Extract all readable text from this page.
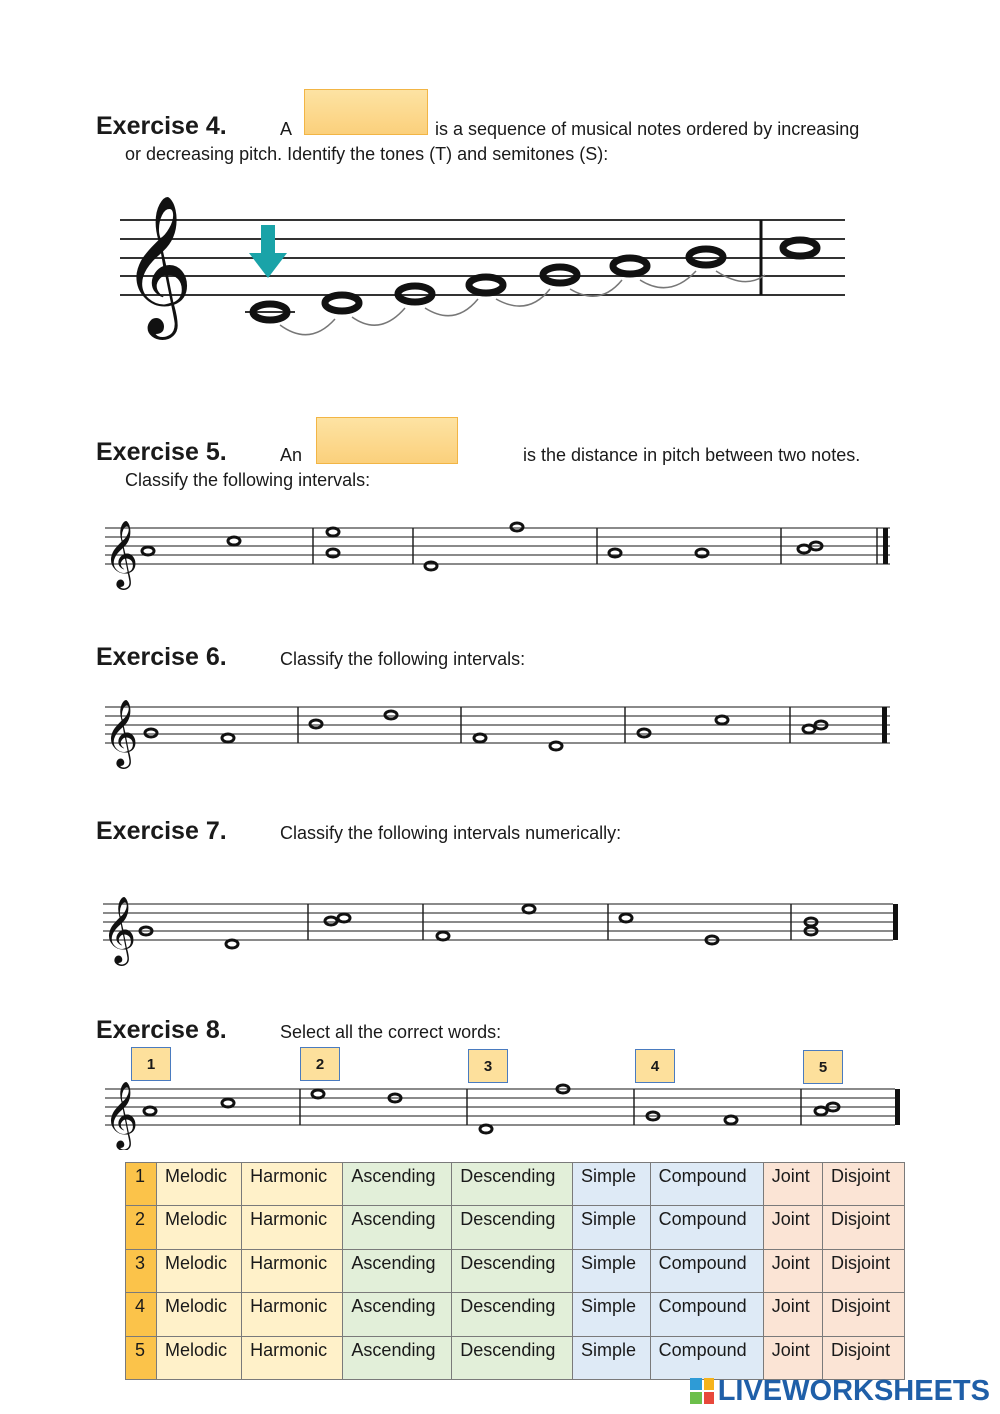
Exercise 4.	A	is a sequence of musical notes ordered by increasing
or decreasing pitch. Identify the tones (T) and semitones (S):
𝄞
Exercise 5.	An	is the distance in pitch between two notes.
Classify the following intervals:
𝄞
Exercise 6.	Classify the following intervals:
𝄞
Exercise 7.	Classify the following intervals numerically:
𝄞
Exercise 8.	Select all the correct words:
1	2	3	4	5
𝄞
1	Melodic	Harmonic	Ascending	Descending	Simple	Compound	Joint	Disjoint
2	Melodic	Harmonic	Ascending	Descending	Simple	Compound	Joint	Disjoint
3	Melodic	Harmonic	Ascending	Descending	Simple	Compound	Joint	Disjoint
4	Melodic	Harmonic	Ascending	Descending	Simple	Compound	Joint	Disjoint
5	Melodic	Harmonic	Ascending	Descending	Simple	Compound	Joint	Disjoint
LIVEWORKSHEETS
